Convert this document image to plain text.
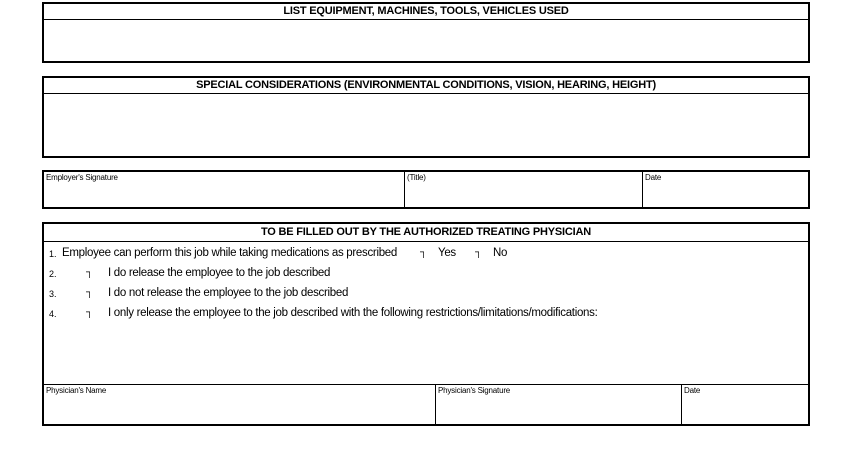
LIST EQUIPMENT, MACHINES, TOOLS, VEHICLES USED
SPECIAL CONSIDERATIONS (ENVIRONMENTAL CONDITIONS, VISION, HEARING, HEIGHT)
Employer's Signature	(Title)	Date
TO BE FILLED OUT BY THE AUTHORIZED TREATING PHYSICIAN
1. Employee can perform this job while taking medications as prescribed ┐ Yes ┐ No
2.	┐ I do release the employee to the job described
3.	┐ I do not release the employee to the job described
4.	┐ I only release the employee to the job described with the following restrictions/limitations/modifications:
Physician's Name	Physician's Signature	Date
